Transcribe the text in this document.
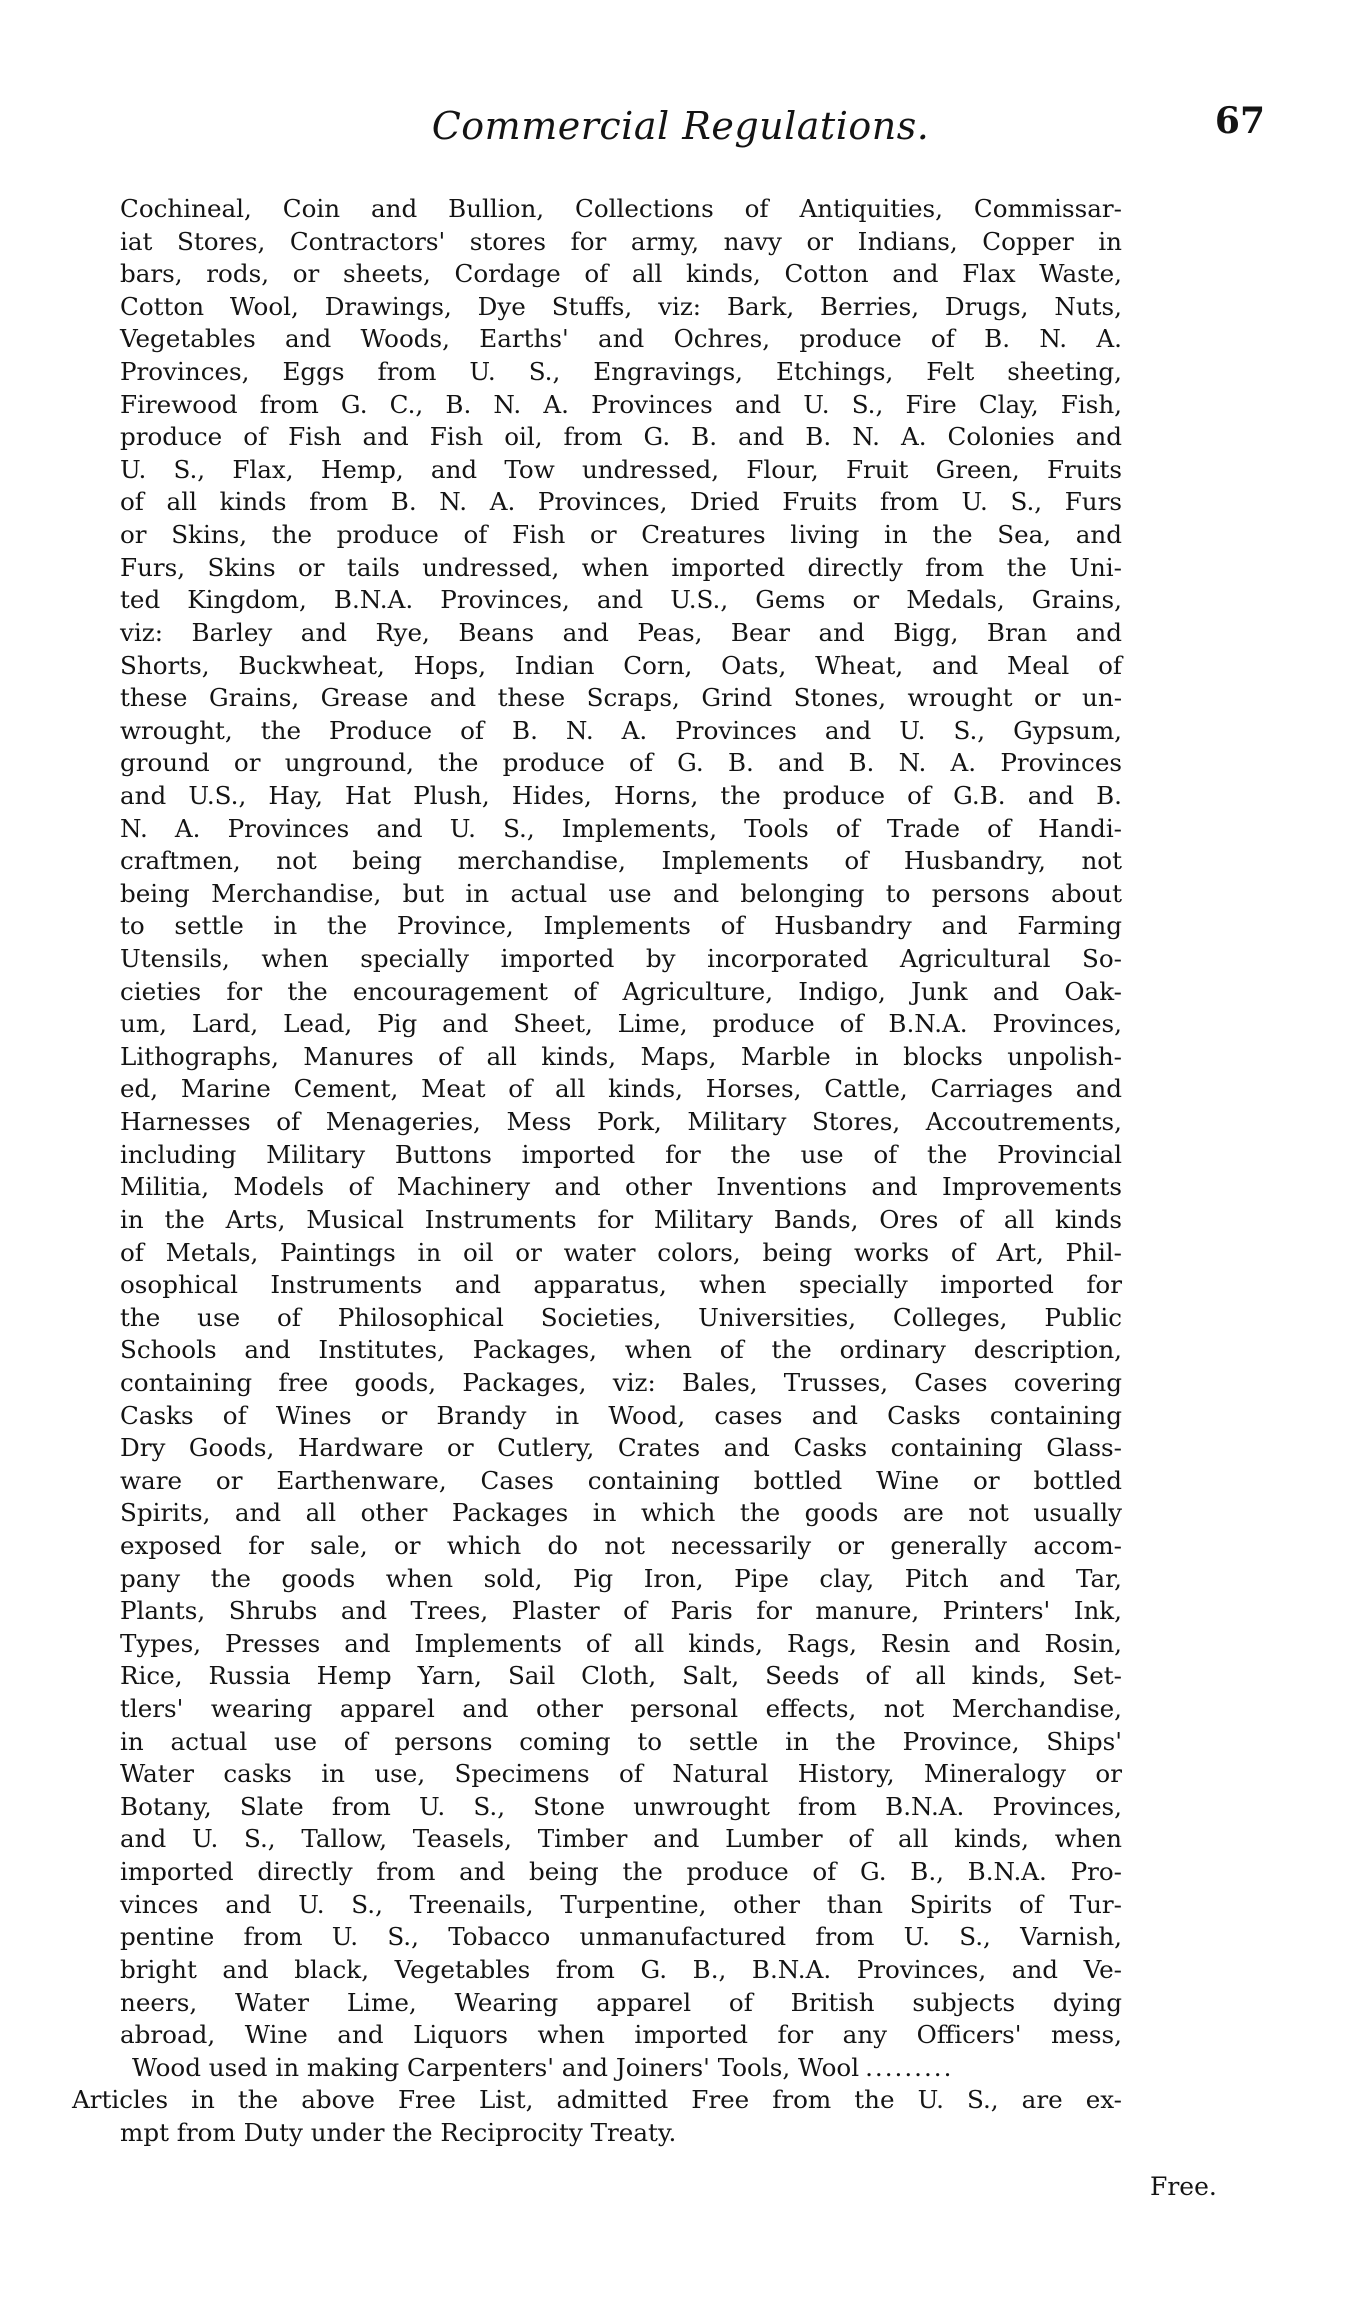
Commercial Regulations.	67
Cochineal, Coin and Bullion, Collections of Antiquities, Commissar-
iat Stores, Contractors' stores for army, navy or Indians, Copper in
bars, rods, or sheets, Cordage of all kinds, Cotton and Flax Waste,
Cotton Wool, Drawings, Dye Stuffs, viz: Bark, Berries, Drugs, Nuts,
Vegetables and Woods, Earths' and Ochres, produce of B. N. A.
Provinces, Eggs from U. S., Engravings, Etchings, Felt sheeting,
Firewood from G. C., B. N. A. Provinces and U. S., Fire Clay, Fish,
produce of Fish and Fish oil, from G. B. and B. N. A. Colonies and
U. S., Flax, Hemp, and Tow undressed, Flour, Fruit Green, Fruits
of all kinds from B. N. A. Provinces, Dried Fruits from U. S., Furs
or Skins, the produce of Fish or Creatures living in the Sea, and
Furs, Skins or tails undressed, when imported directly from the Uni-
ted Kingdom, B.N.A. Provinces, and U.S., Gems or Medals, Grains,
viz: Barley and Rye, Beans and Peas, Bear and Bigg, Bran and
Shorts, Buckwheat, Hops, Indian Corn, Oats, Wheat, and Meal of
these Grains, Grease and these Scraps, Grind Stones, wrought or un-
wrought, the Produce of B. N. A. Provinces and U. S., Gypsum,
ground or unground, the produce of G. B. and B. N. A. Provinces
and U.S., Hay, Hat Plush, Hides, Horns, the produce of G.B. and B.
N. A. Provinces and U. S., Implements, Tools of Trade of Handi-
craftmen, not being merchandise, Implements of Husbandry, not
being Merchandise, but in actual use and belonging to persons about
to settle in the Province, Implements of Husbandry and Farming
Utensils, when specially imported by incorporated Agricultural So-
cieties for the encouragement of Agriculture, Indigo, Junk and Oak-
um, Lard, Lead, Pig and Sheet, Lime, produce of B.N.A. Provinces,
Lithographs, Manures of all kinds, Maps, Marble in blocks unpolish-
ed, Marine Cement, Meat of all kinds, Horses, Cattle, Carriages and
Harnesses of Menageries, Mess Pork, Military Stores, Accoutrements,
including Military Buttons imported for the use of the Provincial
Militia, Models of Machinery and other Inventions and Improvements
in the Arts, Musical Instruments for Military Bands, Ores of all kinds
of Metals, Paintings in oil or water colors, being works of Art, Phil-
osophical Instruments and apparatus, when specially imported for
the use of Philosophical Societies, Universities, Colleges, Public
Schools and Institutes, Packages, when of the ordinary description,
containing free goods, Packages, viz: Bales, Trusses, Cases covering
Casks of Wines or Brandy in Wood, cases and Casks containing
Dry Goods, Hardware or Cutlery, Crates and Casks containing Glass-
ware or Earthenware, Cases containing bottled Wine or bottled
Spirits, and all other Packages in which the goods are not usually
exposed for sale, or which do not necessarily or generally accom-
pany the goods when sold, Pig Iron, Pipe clay, Pitch and Tar,
Plants, Shrubs and Trees, Plaster of Paris for manure, Printers' Ink,
Types, Presses and Implements of all kinds, Rags, Resin and Rosin,
Rice, Russia Hemp Yarn, Sail Cloth, Salt, Seeds of all kinds, Set-
tlers' wearing apparel and other personal effects, not Merchandise,
in actual use of persons coming to settle in the Province, Ships'
Water casks in use, Specimens of Natural History, Mineralogy or
Botany, Slate from U. S., Stone unwrought from B.N.A. Provinces,
and U. S., Tallow, Teasels, Timber and Lumber of all kinds, when
imported directly from and being the produce of G. B., B.N.A. Pro-
vinces and U. S., Treenails, Turpentine, other than Spirits of Tur-
pentine from U. S., Tobacco unmanufactured from U. S., Varnish,
bright and black, Vegetables from G. B., B.N.A. Provinces, and Ve-
neers, Water Lime, Wearing apparel of British subjects dying
abroad, Wine and Liquors when imported for any Officers' mess,
Wood used in making Carpenters' and Joiners' Tools, Wool .........
Articles in the above Free List, admitted Free from the U. S., are ex-
mpt from Duty under the Reciprocity Treaty.
Free.
